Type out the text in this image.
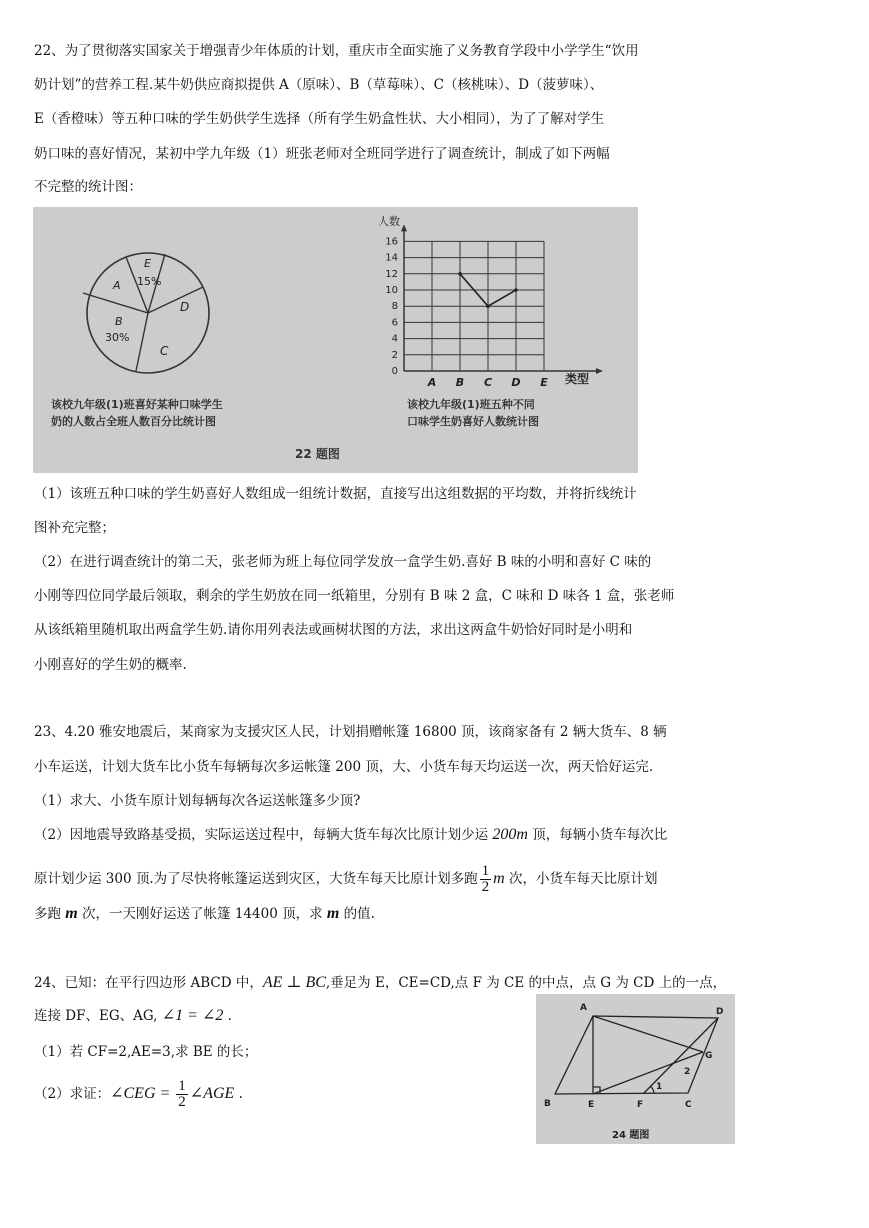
22、为了贯彻落实国家关于增强青少年体质的计划，重庆市全面实施了义务教育学段中小学学生“饮用
奶计划”的营养工程.某牛奶供应商拟提供 A（原味）、B（草莓味）、C（核桃味）、D（菠萝味）、
E（香橙味）等五种口味的学生奶供学生选择（所有学生奶盒性状、大小相同），为了了解对学生
奶口味的喜好情况，某初中学九年级（1）班张老师对全班同学进行了调查统计，制成了如下两幅
不完整的统计图：
A
E
15%
D
B
30%
C
该校九年级(1)班喜好某种口味学生
奶的人数占全班人数百分比统计图
人数
类型
该校九年级(1)班五种不同
口味学生奶喜好人数统计图
0
2
4
6
8
10
12
14
16
A B C D E
22 题图
（1）该班五种口味的学生奶喜好人数组成一组统计数据，直接写出这组数据的平均数，并将折线统计
图补充完整；
（2）在进行调查统计的第二天，张老师为班上每位同学发放一盒学生奶.喜好 B 味的小明和喜好 C 味的
小刚等四位同学最后领取，剩余的学生奶放在同一纸箱里，分别有 B 味 2 盒，C 味和 D 味各 1 盒，张老师
从该纸箱里随机取出两盒学生奶.请你用列表法或画树状图的方法，求出这两盒牛奶恰好同时是小明和
小刚喜好的学生奶的概率.
23、4.20 雅安地震后，某商家为支援灾区人民，计划捐赠帐篷 16800 顶，该商家备有 2 辆大货车、8 辆
小车运送，计划大货车比小货车每辆每次多运帐篷 200 顶，大、小货车每天均运送一次，两天恰好运完.
（1）求大、小货车原计划每辆每次各运送帐篷多少顶?
（2）因地震导致路基受损，实际运送过程中，每辆大货车每次比原计划少运 200m 顶，每辆小货车每次比
原计划少运 300 顶.为了尽快将帐篷运送到灾区，大货车每天比原计划多跑 $\frac{1}{2}$ m 次，小货车每天比原计划
多跑 m 次，一天刚好运送了帐篷 14400 顶，求 m 的值.
24、已知：在平行四边形 ABCD 中，AE ⊥ BC,垂足为 E，CE=CD,点 F 为 CE 的中点，点 G 为 CD 上的一点，
连接 DF、EG、AG, ∠1 = ∠2 .
（1）若 CF=2,AE=3,求 BE 的长；
（2）求证：∠CEG = $\frac{1}{2}$ ∠AGE .
A	D
G
B	E	F	C
1
2
24 题图
